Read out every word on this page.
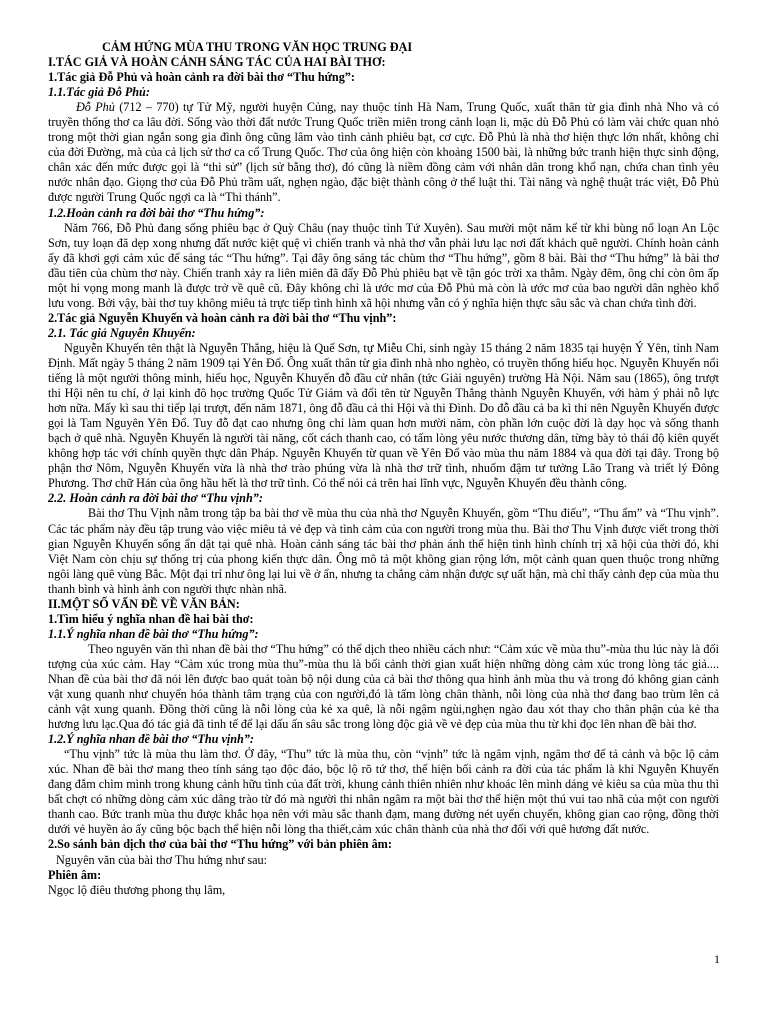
CẢM HỨNG MÙA THU TRONG VĂN HỌC TRUNG ĐẠI

I.TÁC GIẢ VÀ HOÀN CẢNH SÁNG TÁC CỦA HAI BÀI THƠ:

1.Tác giả Đỗ Phủ và hoàn cảnh ra đời bài thơ “Thu hứng”:

1.1.Tác giả Đỗ Phủ:

Đỗ Phủ (712 – 770) tự Tử Mỹ, người huyện Củng, nay thuộc tỉnh Hà Nam, Trung Quốc, xuất thân từ gia đình nhà Nho và có truyền thống thơ ca lâu đời. Sống vào thời đất nước Trung Quốc triền miên trong cảnh loạn li, mặc dù Đỗ Phủ có làm vài chức quan nhỏ trong một thời gian ngắn song gia đình ông cũng lâm vào tình cảnh phiêu bạt, cơ cực. Đỗ Phủ là nhà thơ hiện thực lớn nhất, không chỉ của đời Đường, mà của cả lịch sử thơ ca cổ Trung Quốc. Thơ của ông hiện còn khoảng 1500 bài, là những bức tranh hiện thực sinh động, chân xác đến mức được gọi là “thi sử” (lịch sử bằng thơ), đó cũng là niềm đồng cảm với nhân dân trong khổ nạn, chứa chan tình yêu nước nhân đạo. Giọng thơ của Đỗ Phủ trầm uất, nghẹn ngào, đặc biệt thành công ở thể luật thi. Tài năng và nghệ thuật trác việt, Đỗ Phủ được người Trung Quốc ngợi ca là “Thi thánh”.

1.2.Hoàn cảnh ra đời bài thơ “Thu hứng”:

Năm 766, Đỗ Phủ đang sống phiêu bạc ở Quỳ Châu (nay thuộc tỉnh Tứ Xuyên). Sau mười một năm kể từ khi bùng nổ loạn An Lộc Sơn, tuy loạn đã dẹp xong nhưng đất nước kiệt quệ vì chiến tranh và nhà thơ vẫn phải lưu lạc nơi đất khách quê người. Chính hoàn cảnh ấy đã khơi gợi cảm xúc để sáng tác “Thu hứng”. Tại đây ông sáng tác chùm thơ “Thu hứng”, gồm 8 bài. Bài thơ “Thu hứng” là bài thơ đầu tiên của chùm thơ này. Chiến tranh xảy ra liên miên đã đẩy Đỗ Phủ phiêu bạt về tận góc trời xa thẳm. Ngày đêm, ông chỉ còn ôm ấp một hi vọng mong manh là được trở về quê cũ. Đây không chỉ là ước mơ của Đỗ Phủ mà còn là ước mơ của bao người dân nghèo khổ lưu vong. Bởi vậy, bài thơ tuy không miêu tả trực tiếp tình hình xã hội nhưng vẫn có ý nghĩa hiện thực sâu sắc và chan chứa tình đời.

2.Tác giả Nguyễn Khuyến và hoàn cảnh ra đời bài thơ “Thu vịnh”:

2.1. Tác giả Nguyễn Khuyến:

Nguyễn Khuyến tên thật là Nguyễn Thắng, hiệu là Quế Sơn, tự Miễu Chi, sinh ngày 15 tháng 2 năm 1835 tại huyện Ý Yên, tỉnh Nam Định. Mất ngày 5 tháng 2 năm 1909 tại Yên Đổ. Ông xuất thân từ gia đình nhà nho nghèo, có truyền thống hiếu học. Nguyễn Khuyến nổi tiếng là một người thông minh, hiếu học, Nguyễn Khuyến đỗ đầu cử nhân (tức Giải nguyên) trường Hà Nội. Năm sau (1865), ông trượt thi Hội nên tu chí, ở lại kinh đô học trường Quốc Tử Giám và đổi tên từ Nguyễn Thắng thành Nguyễn Khuyến, với hàm ý phải nỗ lực hơn nữa. Mấy kì sau thi tiếp lại trượt, đến năm 1871, ông đỗ đầu cả thi Hội và thi Đình. Do đỗ đầu cả ba kì thi nên Nguyễn Khuyến được gọi là Tam Nguyên Yên Đổ. Tuy đỗ đạt cao nhưng ông chỉ làm quan hơn mười năm, còn phần lớn cuộc đời là dạy học và sống thanh bạch ở quê nhà. Nguyễn Khuyến là người tài năng, cốt cách thanh cao, có tấm lòng yêu nước thương dân, từng bày tỏ thái độ kiên quyết không hợp tác với chính quyền thực dân Pháp. Nguyễn Khuyến từ quan về Yên Đổ vào mùa thu năm 1884 và qua đời tại đây. Trong bộ phận thơ Nôm, Nguyễn Khuyến vừa là nhà thơ trào phúng vừa là nhà thơ trữ tình, nhuốm đậm tư tưởng Lão Trang và triết lý Đông Phương. Thơ chữ Hán của ông hầu hết là thơ trữ tình. Có thể nói cả trên hai lĩnh vực, Nguyễn Khuyến đều thành công.

2.2. Hoàn cảnh ra đời bài thơ “Thu vịnh”:

Bài thơ Thu Vịnh nằm trong tập ba bài thơ về mùa thu của nhà thơ Nguyễn Khuyến, gồm “Thu điếu”, “Thu ẩm” và “Thu vịnh”. Các tác phẩm này đều tập trung vào việc miêu tả vẻ đẹp và tình cảm của con người trong mùa thu. Bài thơ Thu Vịnh được viết trong thời gian Nguyễn Khuyến sống ẩn dật tại quê nhà. Hoàn cảnh sáng tác bài thơ phản ánh thể hiện tình hình chính trị xã hội của thời đó, khi Việt Nam còn chịu sự thống trị của phong kiến thực dân. Ông mô tả một không gian rộng lớn, một cảnh quan quen thuộc trong những ngôi làng quê vùng Bắc. Một đại trí như ông lại lui về ở ẩn, nhưng ta chẳng cảm nhận được sự uất hận, mà chỉ thấy cảnh đẹp của mùa thu thanh bình và hình ảnh con người thực nhàn nhã.

II.MỘT SỐ VẤN ĐỀ VỀ VĂN BẢN:

1.Tìm hiểu ý nghĩa nhan đề hai bài thơ:

1.1.Ý nghĩa nhan đề bài thơ “Thu hứng”:

Theo nguyên văn thì nhan đề bài thơ “Thu hứng” có thể dịch theo nhiều cách như: “Cảm xúc về mùa thu”-mùa thu lúc này là đối tượng của xúc cảm. Hay “Cảm xúc trong mùa thu”-mùa thu là bối cảnh thời gian xuất hiện những dòng cảm xúc trong lòng tác giả.... Nhan đề của bài thơ đã nói lên được bao quát toàn bộ nội dung của cả bài thơ thông qua hình ảnh mùa thu và trong đó không gian cảnh vật xung quanh như chuyển hóa thành tâm trạng của con người,đó là tấm lòng chân thành, nỗi lòng của nhà thơ đang bao trùm lên cả cảnh vật xung quanh. Đồng thời cũng là nỗi lòng của kẻ xa quê, là nỗi ngậm ngùi,nghẹn ngào đau xót thay cho thân phận của kẻ tha hương lưu lạc.Qua đó tác giả đã tinh tế để lại dấu ấn sâu sắc trong lòng độc giả về vẻ đẹp của mùa thu từ khi đọc lên nhan đề bài thơ.

1.2.Ý nghĩa nhan đề bài thơ “Thu vịnh”:

“Thu vịnh” tức là mùa thu làm thơ. Ở đây, “Thu” tức là mùa thu, còn “vịnh” tức là ngâm vịnh, ngâm thơ để tả cảnh và bộc lộ cảm xúc. Nhan đề bài thơ mang theo tính sáng tạo độc đáo, bộc lộ rõ tứ thơ, thể hiện bối cảnh ra đời của tác phẩm là khi Nguyễn Khuyến đang đắm chìm mình trong khung cảnh hữu tình của đất trời, khung cảnh thiên nhiên như khoác lên mình dáng vẻ kiêu sa của mùa thu thì bất chợt có những dòng cảm xúc dâng trào từ đó mà người thi nhân ngâm ra một bài thơ thể hiện một thú vui tao nhã của một con người thanh cao. Bức tranh mùa thu được khắc họa nên với màu sắc thanh đạm, mang đường nét uyển chuyển, không gian cao rộng, đồng thời dưới vẻ huyền ảo ấy cũng bộc bạch thể hiện nỗi lòng tha thiết,cảm xúc chân thành của nhà thơ đối với quê hương đất nước.

2.So sánh bản dịch thơ của bài thơ “Thu hứng” với bản phiên âm:

Nguyên văn của bài thơ Thu hứng như sau:

Phiên âm:

Ngọc lộ điêu thương phong thụ lâm,

1
